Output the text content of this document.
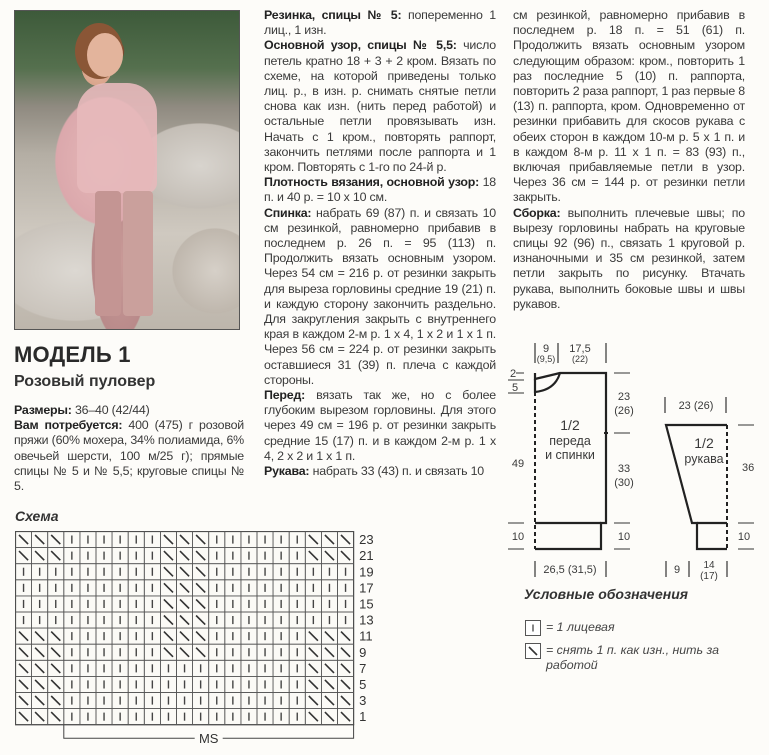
МОДЕЛЬ 1
Розовый пуловер

Размеры: 36–40 (42/44)

Вам потребуется: 400 (475) г розовой пряжи (60% мохера, 34% полиамида, 6% овечьей шерсти, 100 м/25 г); прямые спицы № 5 и № 5,5; круговые спицы № 5.

Резинка, спицы № 5: попеременно 1 лиц., 1 изн.

Основной узор, спицы № 5,5: число петель кратно 18 + 3 + 2 кром. Вязать по схеме, на которой приведены только лиц. р., в изн. р. снимать снятые петли снова как изн. (нить перед работой) и остальные петли провязывать изн. Начать с 1 кром., повторять раппорт, закончить петлями после раппорта и 1 кром. Повторять с 1-го по 24-й р.

Плотность вязания, основной узор: 18 п. и 40 р. = 10 х 10 см.

Спинка: набрать 69 (87) п. и связать 10 см резинкой, равномерно прибавив в последнем р. 26 п. = 95 (113) п. Продолжить вязать основным узором. Через 54 см = 216 р. от резинки закрыть для выреза горловины средние 19 (21) п. и каждую сторону закончить раздельно. Для закругления закрыть с внутреннего края в каждом 2-м р. 1 х 4, 1 х 2 и 1 х 1 п. Через 56 см = 224 р. от резинки закрыть оставшиеся 31 (39) п. плеча с каждой стороны.

Перед: вязать так же, но с более глубоким вырезом горловины. Для этого через 49 см = 196 р. от резинки закрыть средние 15 (17) п. и в каждом 2-м р. 1 х 4, 2 х 2 и 1 х 1 п.

Рукава: набрать 33 (43) п. и связать 10

см резинкой, равномерно прибавив в последнем р. 18 п. = 51 (61) п. Продолжить вязать основным узором следующим образом: кром., повторить 1 раз последние 5 (10) п. раппорта, повторить 2 раза раппорт, 1 раз первые 8 (13) п. раппорта, кром. Одновременно от резинки прибавить для скосов рукава с обеих сторон в каждом 10-м р. 5 х 1 п. и в каждом 8-м р. 11 х 1 п. = 83 (93) п., включая прибавляемые петли в узор. Через 36 см = 144 р. от резинки петли закрыть.

Сборка: выполнить плечевые швы; по вырезу горловины набрать на круговые спицы 92 (96) п., связать 1 круговой р. изнаночными и 35 см резинкой, затем петли закрыть по рисунку. Втачать рукава, выполнить боковые швы и швы рукавов.

Схема
23
21
19
17
15
13
11
9
7
5
3
1
MS
9
(9,5)
17,5
(22)
2
5
1/2
переда
и спинки
23
(26)
33
(30)
10
49
10
26,5 (31,5)
23 (26)
1/2
рукава
36
10
9 14
(17)
Условные обозначения
= 1 лицевая
= снять 1 п. как изн., нить за работой
